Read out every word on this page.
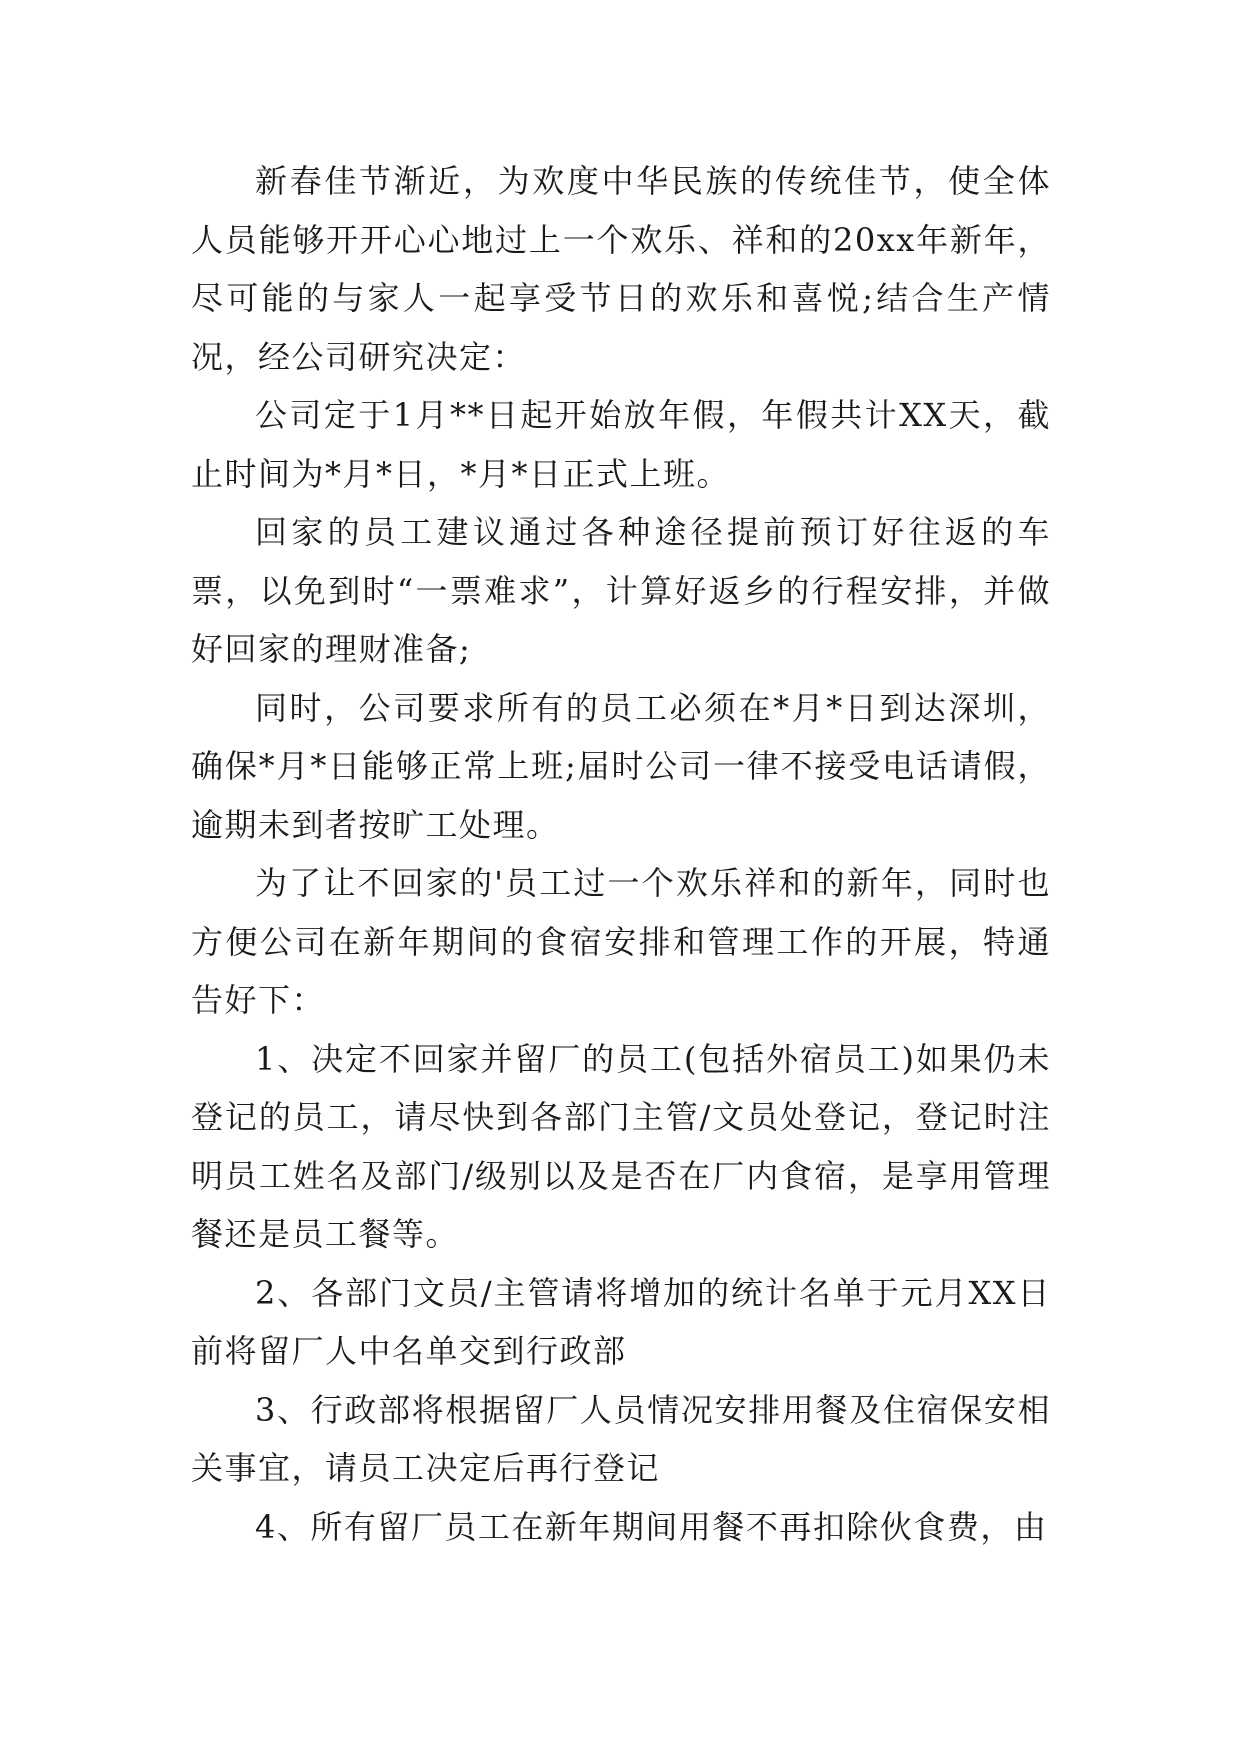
新春佳节渐近，为欢度中华民族的传统佳节，使全体人员能够开开心心地过上一个欢乐、祥和的20xx年新年，尽可能的与家人一起享受节日的欢乐和喜悦;结合生产情况，经公司研究决定：

公司定于1月**日起开始放年假，年假共计XX天，截止时间为*月*日，*月*日正式上班。

回家的员工建议通过各种途径提前预订好往返的车票，以免到时“一票难求”，计算好返乡的行程安排，并做好回家的理财准备;

同时，公司要求所有的员工必须在*月*日到达深圳，确保*月*日能够正常上班;届时公司一律不接受电话请假，逾期未到者按旷工处理。

为了让不回家的'员工过一个欢乐祥和的新年，同时也方便公司在新年期间的食宿安排和管理工作的开展，特通告好下：

1、决定不回家并留厂的员工(包括外宿员工)如果仍未登记的员工，请尽快到各部门主管/文员处登记，登记时注明员工姓名及部门/级别以及是否在厂内食宿，是享用管理餐还是员工餐等。

2、各部门文员/主管请将增加的统计名单于元月XX日前将留厂人中名单交到行政部

3、行政部将根据留厂人员情况安排用餐及住宿保安相关事宜，请员工决定后再行登记

4、所有留厂员工在新年期间用餐不再扣除伙食费，由
